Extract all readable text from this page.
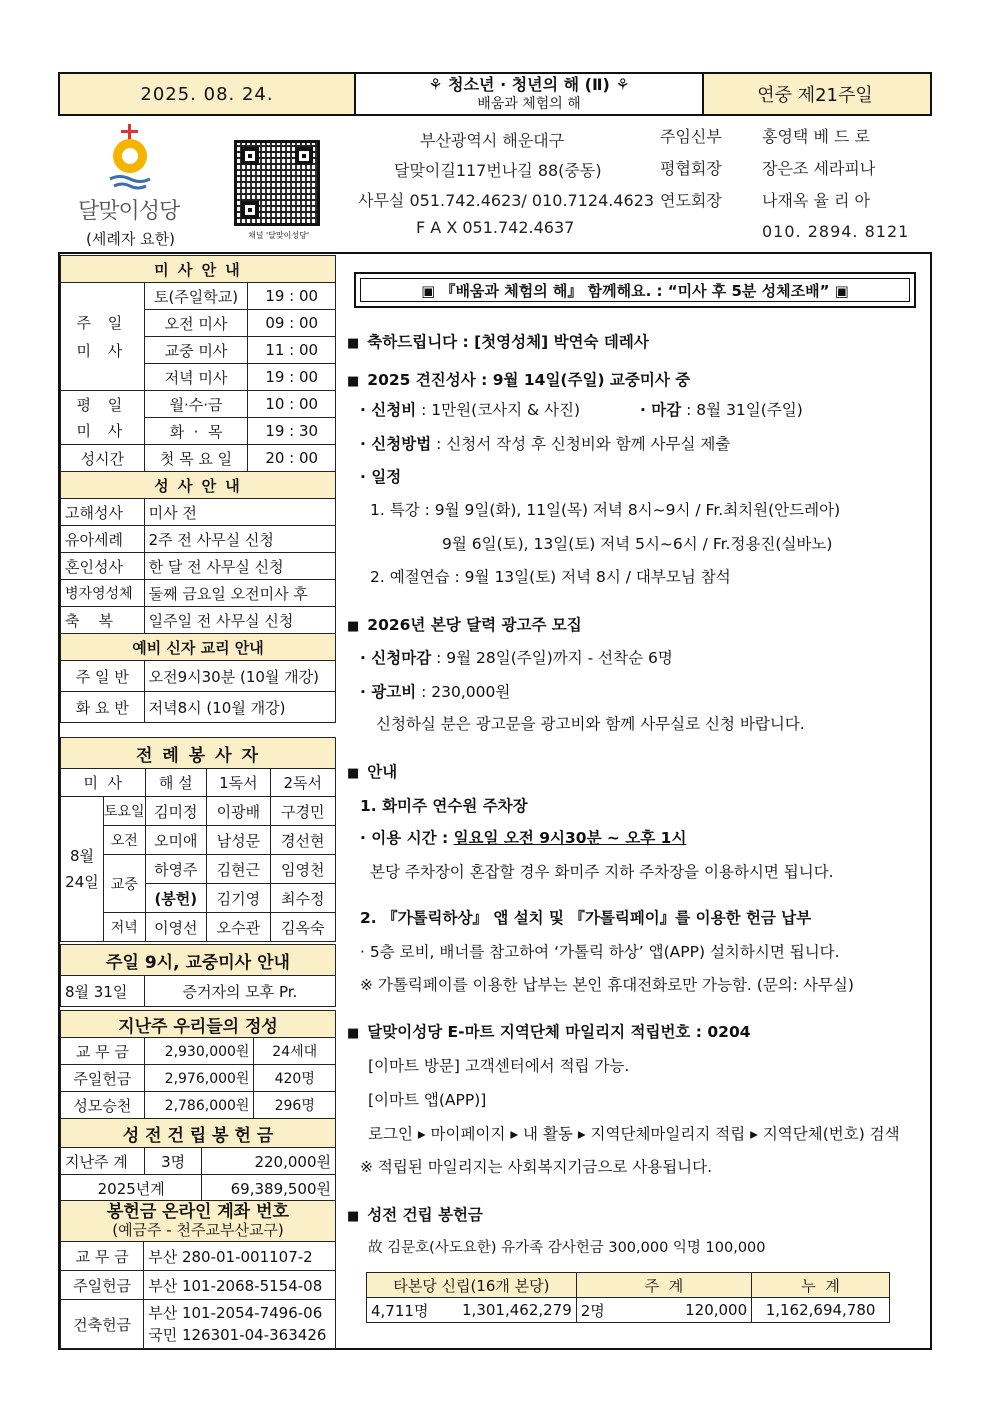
2025. 08. 24.	⚘ 청소년 · 청년의 해 (Ⅱ) ⚘
배움과 체험의 해	연중 제21주일
달맞이성당
(세례자 요한)	채널 '달맞이성당'
부산광역시 해운대구
달맞이길117번나길 88(중동)
사무실 051.742.4623/ 010.7124.4623
F A X 051.742.4637
주임신부	홍영택 베 드 로
평협회장	장은조 세라피나
연도회장	나재옥 율 리 아
010. 2894. 8121
미 사 안 내		
주 일
미 사	토(주일학교)	19 : 00
	오전 미사	09 : 00
	교중 미사	11 : 00
	저녁 미사	19 : 00
평 일
미 사	월·수·금	10 : 00
	화  ·  목	19 : 30
성시간	첫 목 요 일	20 : 00
성 사 안 내		
고해성사	미사 전	
유아세례	2주 전 사무실 신청	
혼인성사	한 달 전 사무실 신청	
병자영성체	둘째 금요일 오전미사 후	
축    복	일주일 전 사무실 신청	
예비 신자 교리 안내		
주 일 반	오전9시30분 (10월 개강)	
화 요 반	저녁8시 (10월 개강)	
전 례 봉 사 자				
미  사		해 설	1독서	2독서
8월
24일	토요일	김미정	이광배	구경민
	오전	오미애	남성문	경선현
	교중	하영주	김현근	임영천
		(봉헌)	김기영	최수정
	저녁	이영선	오수관	김옥숙
주일 9시, 교중미사 안내
8월 31일	증거자의 모후 Pr.
지난주 우리들의 정성		
교 무 금	2,930,000원	24세대
주일헌금	2,976,000원	420명
성모승천	2,786,000원	296명
성 전 건 립 봉 헌 금		
지난주 계	3명	220,000원
2025년계		69,389,500원
봉헌금 온라인 계좌 번호
(예금주 - 천주교부산교구)	

교 무 금	부산 280-01-001107-2
주일헌금	부산 101-2068-5154-08
건축헌금	부산 101-2054-7496-06
국민 126301-04-363426
▣ 『배움과 체험의 해』 함께해요. : “미사 후 5분 성체조배” ▣
■ 축하드립니다 : [첫영성체] 박연숙 데레사
■ 2025 견진성사 : 9월 14일(주일) 교중미사 중
· 신청비 : 1만원(코사지 & 사진)	· 마감 : 8월 31일(주일)
· 신청방법 : 신청서 작성 후 신청비와 함께 사무실 제출
· 일정
1. 특강 : 9월 9일(화), 11일(목) 저녁 8시~9시 / Fr.최치원(안드레아)
9월 6일(토), 13일(토) 저녁 5시~6시 / Fr.정용진(실바노)
2. 예절연습 : 9월 13일(토) 저녁 8시 / 대부모님 참석
■ 2026년 본당 달력 광고주 모집
· 신청마감 : 9월 28일(주일)까지 - 선착순 6명
· 광고비 : 230,000원
신청하실 분은 광고문을 광고비와 함께 사무실로 신청 바랍니다.
■ 안내
1. 화미주 연수원 주차장
· 이용 시간 : 일요일 오전 9시30분 ~ 오후 1시
본당 주차장이 혼잡할 경우 화미주 지하 주차장을 이용하시면 됩니다.
2. 『가톨릭하상』 앱 설치 및 『가톨릭페이』를 이용한 헌금 납부
· 5층 로비, 배너를 참고하여 ‘가톨릭 하상’ 앱(APP) 설치하시면 됩니다.
※ 가톨릭페이를 이용한 납부는 본인 휴대전화로만 가능함. (문의: 사무실)
■ 달맞이성당 E-마트 지역단체 마일리지 적립번호 : 0204
[이마트 방문] 고객센터에서 적립 가능.
[이마트 앱(APP)]
로그인 ▸ 마이페이지 ▸ 내 활동 ▸ 지역단체마일리지 적립 ▸ 지역단체(번호) 검색
※ 적립된 마일리지는 사회복지기금으로 사용됩니다.
■ 성전 건립 봉헌금
故 김문호(사도요한) 유가족 감사헌금 300,000 익명 100,000
타본당 신립(16개 본당)		주  계		누  계
4,711명	1,301,462,279	2명	120,000	1,162,694,780
